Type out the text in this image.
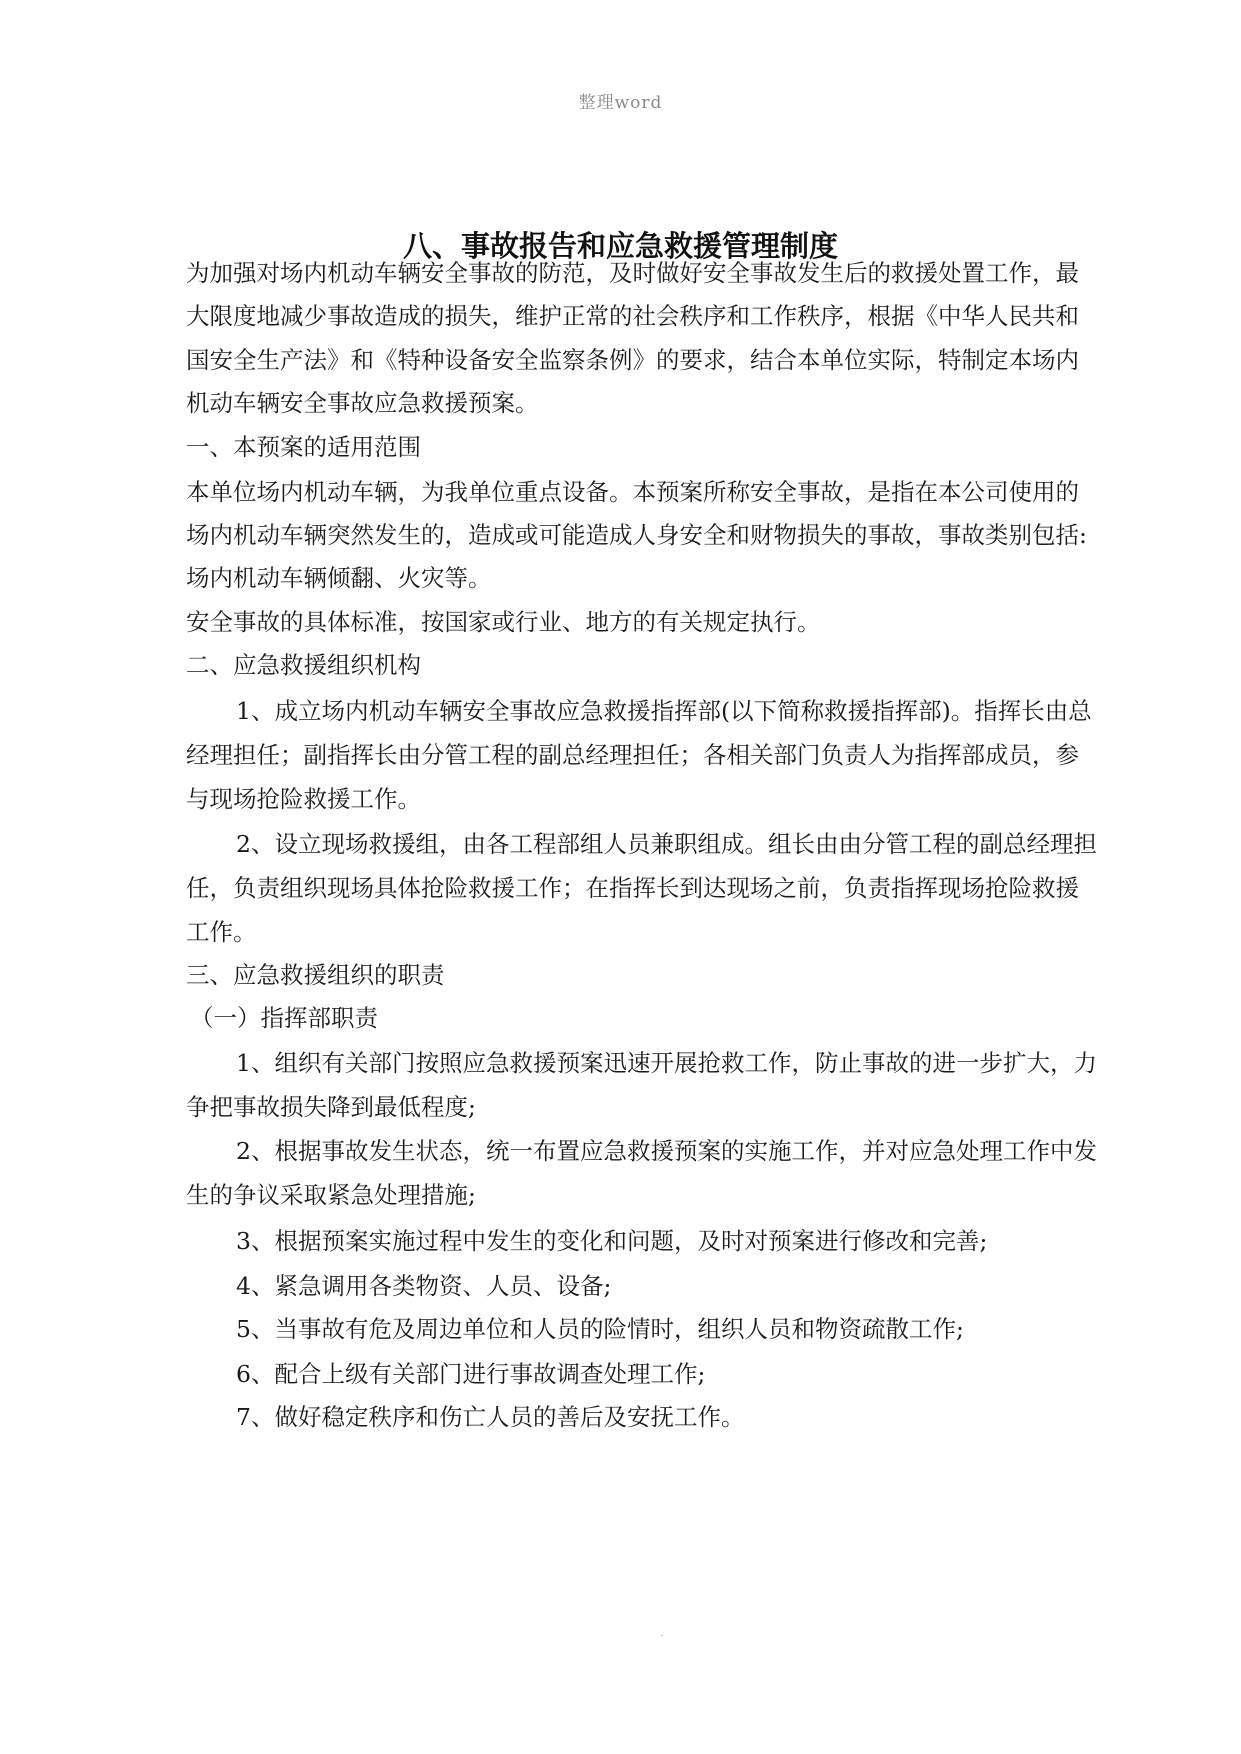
整理word
八、事故报告和应急救援管理制度
为加强对场内机动车辆安全事故的防范，及时做好安全事故发生后的救援处置工作，最
大限度地减少事故造成的损失，维护正常的社会秩序和工作秩序，根据《中华人民共和
国安全生产法》和《特种设备安全监察条例》的要求，结合本单位实际，特制定本场内
机动车辆安全事故应急救援预案。
一、本预案的适用范围
本单位场内机动车辆，为我单位重点设备。本预案所称安全事故，是指在本公司使用的
场内机动车辆突然发生的，造成或可能造成人身安全和财物损失的事故，事故类别包括:
场内机动车辆倾翻、火灾等。
安全事故的具体标准，按国家或行业、地方的有关规定执行。
二、应急救援组织机构
1、成立场内机动车辆安全事故应急救援指挥部(以下简称救援指挥部)。指挥长由总
经理担任；副指挥长由分管工程的副总经理担任；各相关部门负责人为指挥部成员，参
与现场抢险救援工作。
2、设立现场救援组，由各工程部组人员兼职组成。组长由由分管工程的副总经理担
任，负责组织现场具体抢险救援工作；在指挥长到达现场之前，负责指挥现场抢险救援
工作。
三、应急救援组织的职责
（一）指挥部职责
1、组织有关部门按照应急救援预案迅速开展抢救工作，防止事故的进一步扩大，力
争把事故损失降到最低程度;
2、根据事故发生状态，统一布置应急救援预案的实施工作，并对应急处理工作中发
生的争议采取紧急处理措施;
3、根据预案实施过程中发生的变化和问题，及时对预案进行修改和完善;
4、紧急调用各类物资、人员、设备;
5、当事故有危及周边单位和人员的险情时，组织人员和物资疏散工作;
6、配合上级有关部门进行事故调查处理工作;
7、做好稳定秩序和伤亡人员的善后及安抚工作。
.
